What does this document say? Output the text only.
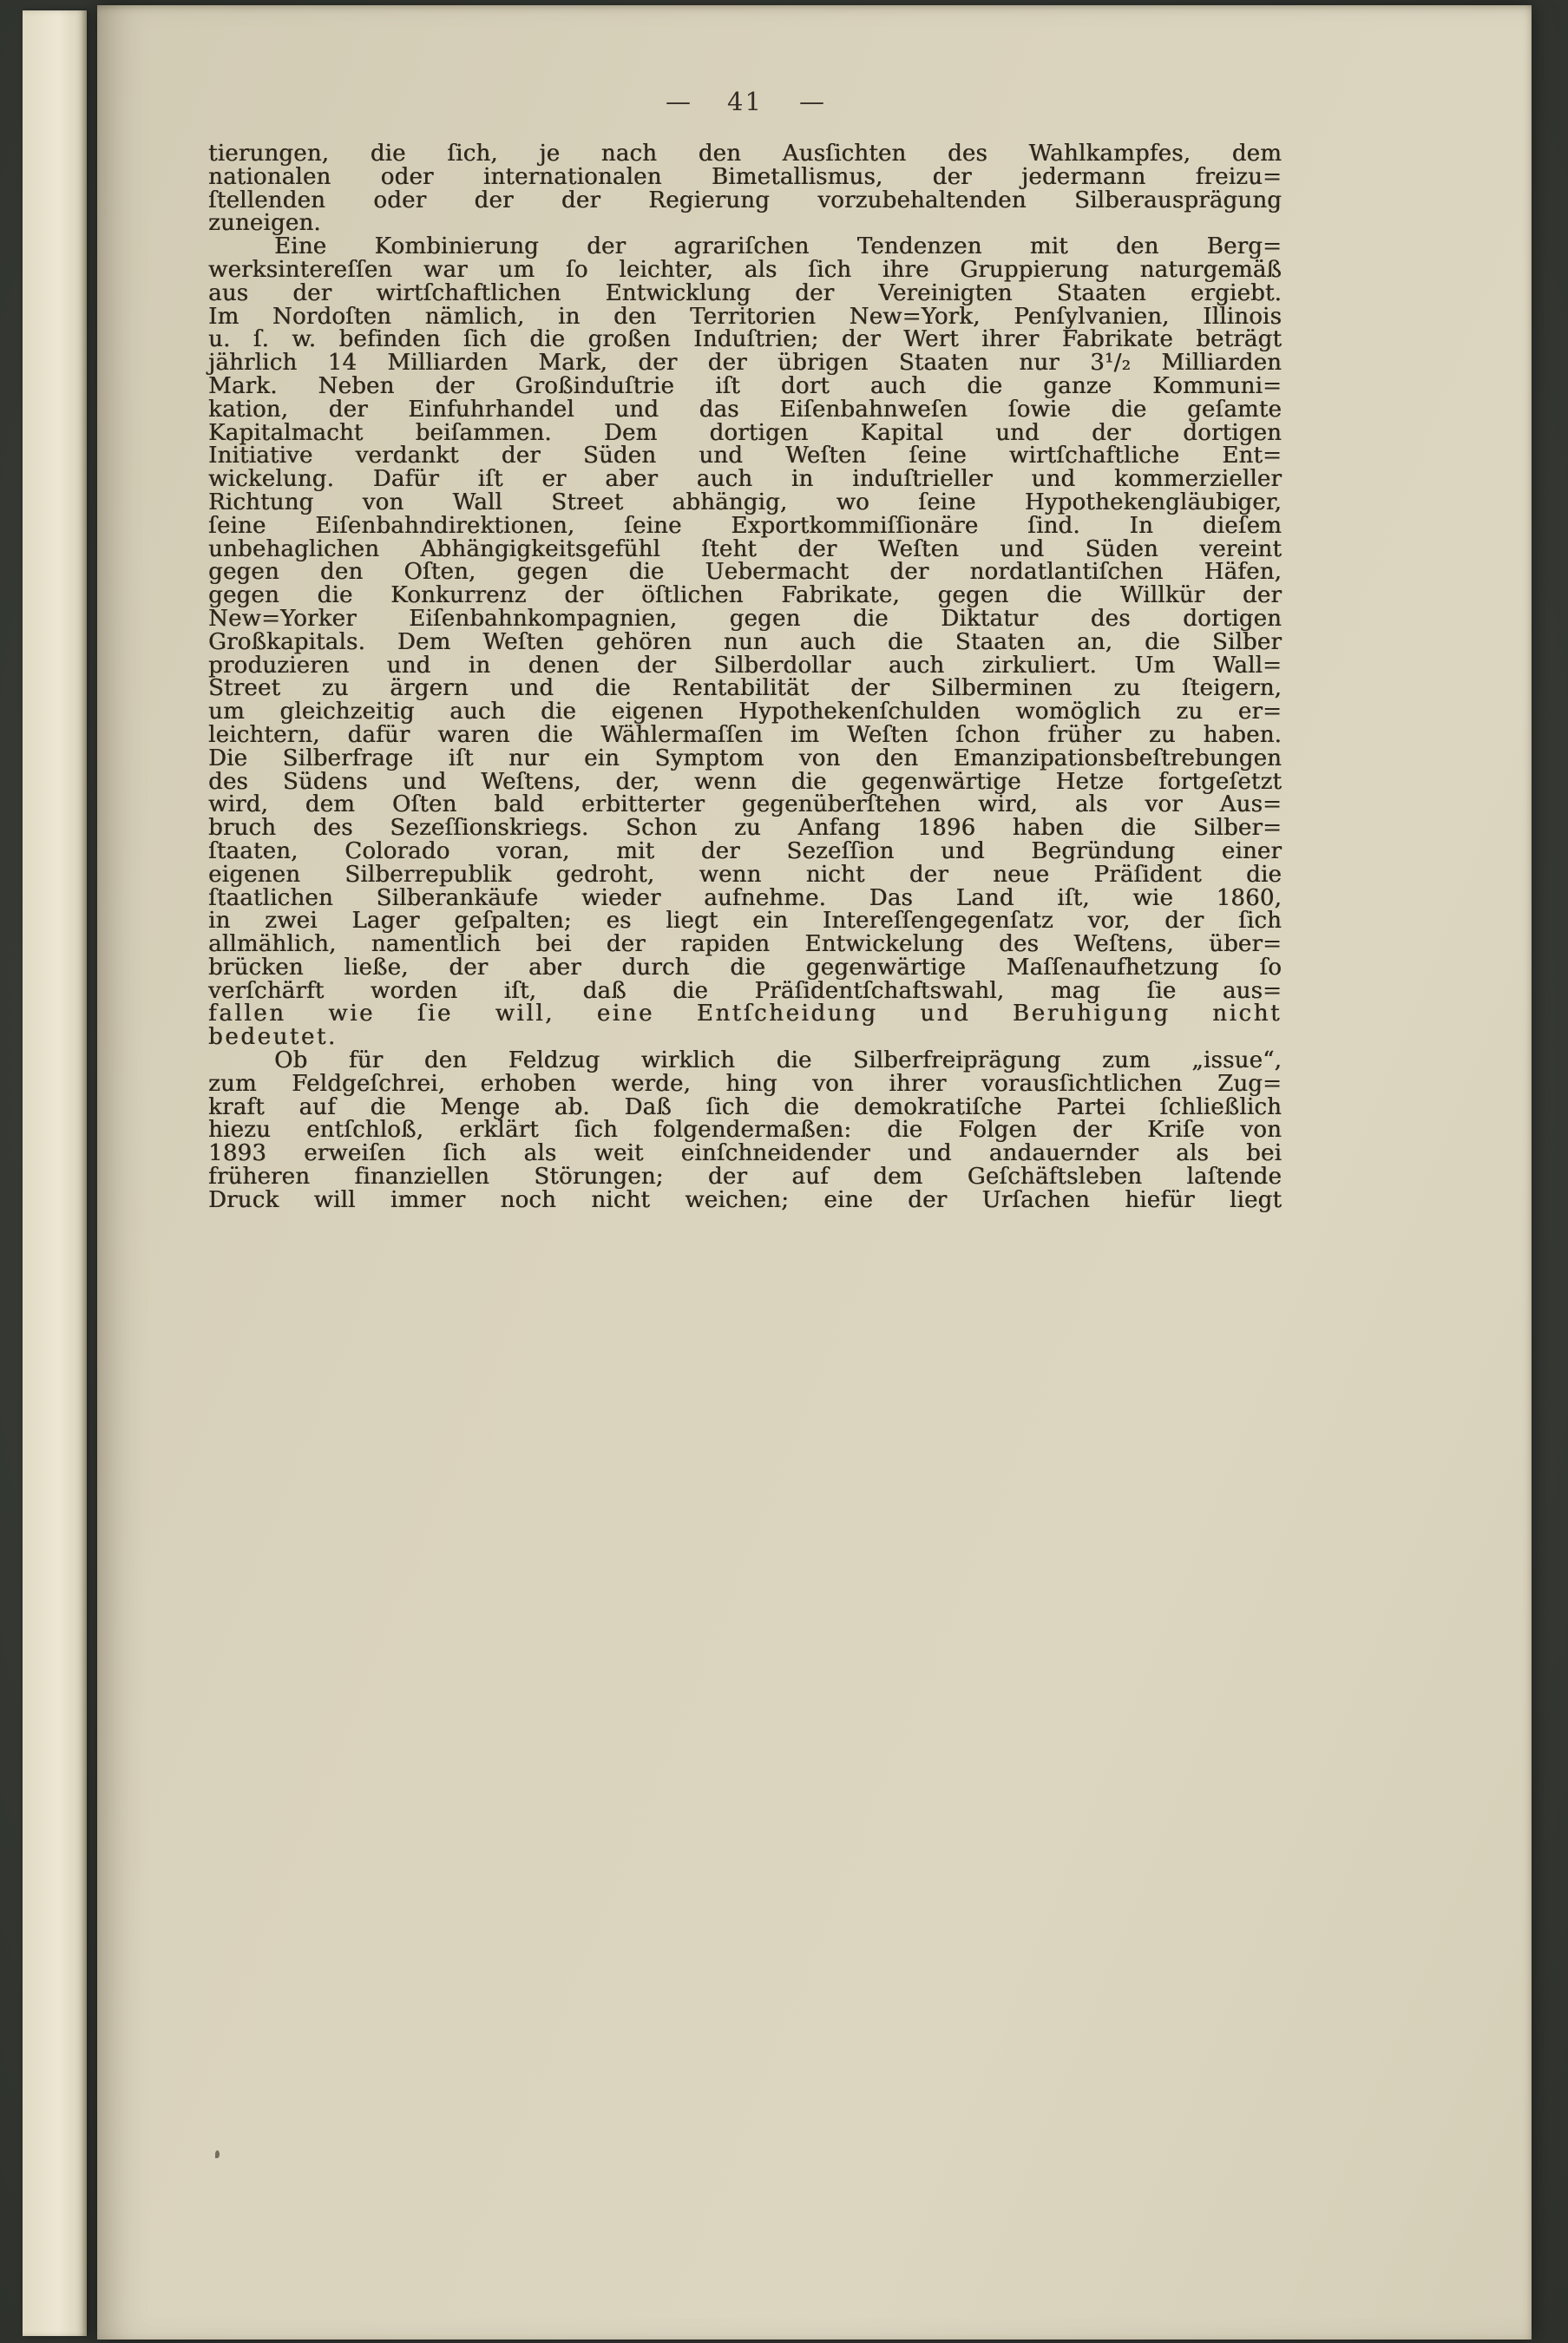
— 41 —
tierungen, die ſich, je nach den Ausſichten des Wahlkampfes, dem
nationalen oder internationalen Bimetallismus, der jedermann freizu=
ſtellenden oder der der Regierung vorzubehaltenden Silberausprägung
zuneigen.
Eine Kombinierung der agrariſchen Tendenzen mit den Berg=
werksintereſſen war um ſo leichter, als ſich ihre Gruppierung naturgemäß
aus der wirtſchaftlichen Entwicklung der Vereinigten Staaten ergiebt.
Im Nordoſten nämlich, in den Territorien New=York, Penſylvanien, Illinois
u. ſ. w. befinden ſich die großen Induſtrien; der Wert ihrer Fabrikate beträgt
jährlich 14 Milliarden Mark, der der übrigen Staaten nur 3¹/₂ Milliarden
Mark. Neben der Großinduſtrie iſt dort auch die ganze Kommuni=
kation, der Einfuhrhandel und das Eiſenbahnweſen ſowie die geſamte
Kapitalmacht beiſammen. Dem dortigen Kapital und der dortigen
Initiative verdankt der Süden und Weſten ſeine wirtſchaftliche Ent=
wickelung. Dafür iſt er aber auch in induſtrieller und kommerzieller
Richtung von Wall Street abhängig, wo ſeine Hypothekengläubiger,
ſeine Eiſenbahndirektionen, ſeine Exportkommiſſionäre ſind. In dieſem
unbehaglichen Abhängigkeitsgefühl ſteht der Weſten und Süden vereint
gegen den Oſten, gegen die Uebermacht der nordatlantiſchen Häfen,
gegen die Konkurrenz der öſtlichen Fabrikate, gegen die Willkür der
New=Yorker Eiſenbahnkompagnien, gegen die Diktatur des dortigen
Großkapitals. Dem Weſten gehören nun auch die Staaten an, die Silber
produzieren und in denen der Silberdollar auch zirkuliert. Um Wall=
Street zu ärgern und die Rentabilität der Silberminen zu ſteigern,
um gleichzeitig auch die eigenen Hypothekenſchulden womöglich zu er=
leichtern, dafür waren die Wählermaſſen im Weſten ſchon früher zu haben.
Die Silberfrage iſt nur ein Symptom von den Emanzipationsbeſtrebungen
des Südens und Weſtens, der, wenn die gegenwärtige Hetze fortgeſetzt
wird, dem Oſten bald erbitterter gegenüberſtehen wird, als vor Aus=
bruch des Sezeſſionskriegs. Schon zu Anfang 1896 haben die Silber=
ſtaaten, Colorado voran, mit der Sezeſſion und Begründung einer
eigenen Silberrepublik gedroht, wenn nicht der neue Präſident die
ſtaatlichen Silberankäufe wieder aufnehme. Das Land iſt, wie 1860,
in zwei Lager geſpalten; es liegt ein Intereſſengegenſatz vor, der ſich
allmählich, namentlich bei der rapiden Entwickelung des Weſtens, über=
brücken ließe, der aber durch die gegenwärtige Maſſenaufhetzung ſo
verſchärft worden iſt, daß die Präſidentſchaftswahl, mag ſie aus=
fallen wie ſie will, eine Entſcheidung und Beruhigung nicht
bedeutet.
Ob für den Feldzug wirklich die Silberfreiprägung zum „issue“,
zum Feldgeſchrei, erhoben werde, hing von ihrer vorausſichtlichen Zug=
kraft auf die Menge ab. Daß ſich die demokratiſche Partei ſchließlich
hiezu entſchloß, erklärt ſich folgendermaßen: die Folgen der Kriſe von
1893 erweiſen ſich als weit einſchneidender und andauernder als bei
früheren finanziellen Störungen; der auf dem Geſchäftsleben laſtende
Druck will immer noch nicht weichen; eine der Urſachen hiefür liegt
